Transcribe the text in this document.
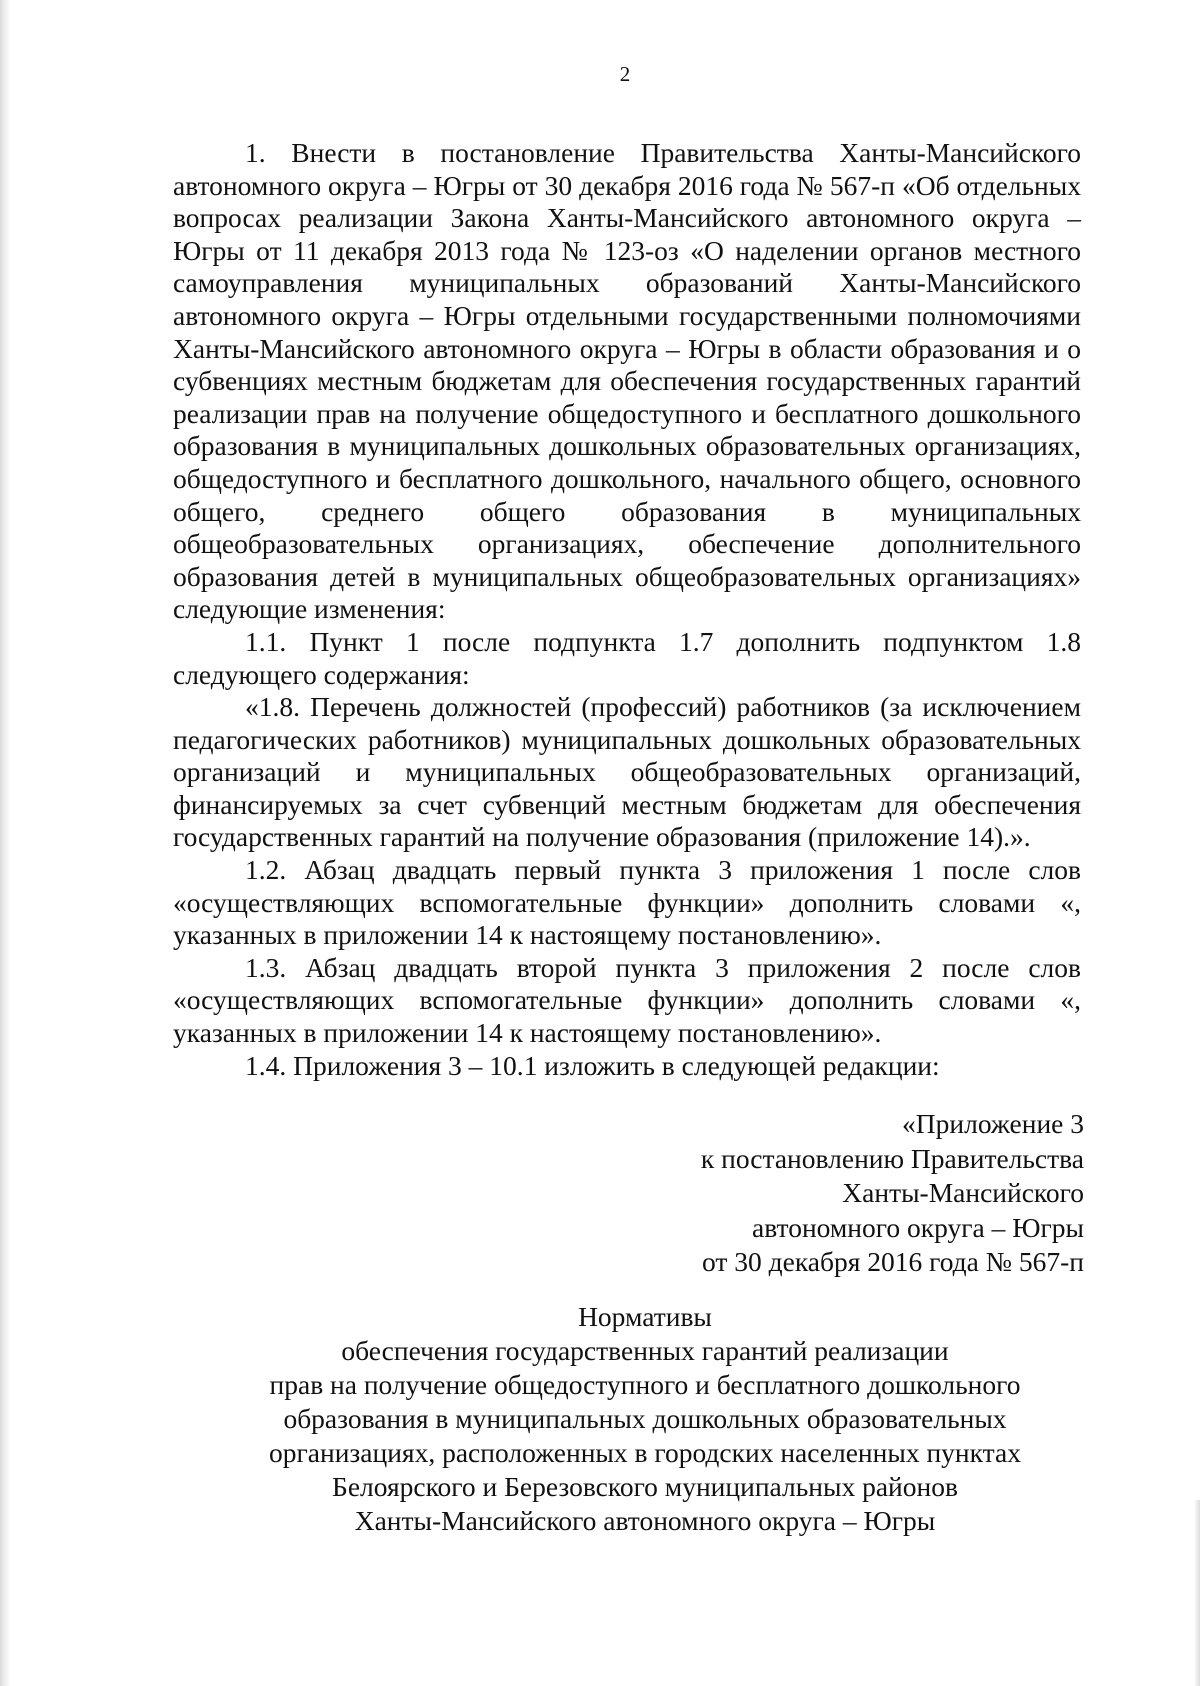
2

1. Внести в постановление Правительства Ханты-Мансийского автономного округа – Югры от 30 декабря 2016 года № 567-п «Об отдельных вопросах реализации Закона Ханты-Мансийского автономного округа – Югры от 11 декабря 2013 года № 123-оз «О наделении органов местного самоуправления муниципальных образований Ханты-Мансийского автономного округа – Югры отдельными государственными полномочиями Ханты-Мансийского автономного округа – Югры в области образования и о субвенциях местным бюджетам для обеспечения государственных гарантий реализации прав на получение общедоступного и бесплатного дошкольного образования в муниципальных дошкольных образовательных организациях, общедоступного и бесплатного дошкольного, начального общего, основного общего, среднего общего образования в муниципальных общеобразовательных организациях, обеспечение дополнительного образования детей в муниципальных общеобразовательных организациях» следующие изменения:

1.1. Пункт 1 после подпункта 1.7 дополнить подпунктом 1.8 следующего содержания:

«1.8. Перечень должностей (профессий) работников (за исключением педагогических работников) муниципальных дошкольных образовательных организаций и муниципальных общеобразовательных организаций, финансируемых за счет субвенций местным бюджетам для обеспечения государственных гарантий на получение образования (приложение 14).».

1.2. Абзац двадцать первый пункта 3 приложения 1 после слов «осуществляющих вспомогательные функции» дополнить словами «, указанных в приложении 14 к настоящему постановлению».

1.3. Абзац двадцать второй пункта 3 приложения 2 после слов «осуществляющих вспомогательные функции» дополнить словами «, указанных в приложении 14 к настоящему постановлению».

1.4. Приложения 3 – 10.1 изложить в следующей редакции:

«Приложение 3
к постановлению Правительства
Ханты-Мансийского
автономного округа – Югры
от 30 декабря 2016 года № 567-п
Нормативы
обеспечения государственных гарантий реализации
прав на получение общедоступного и бесплатного дошкольного
образования в муниципальных дошкольных образовательных
организациях, расположенных в городских населенных пунктах
Белоярского и Березовского муниципальных районов
Ханты-Мансийского автономного округа – Югры
